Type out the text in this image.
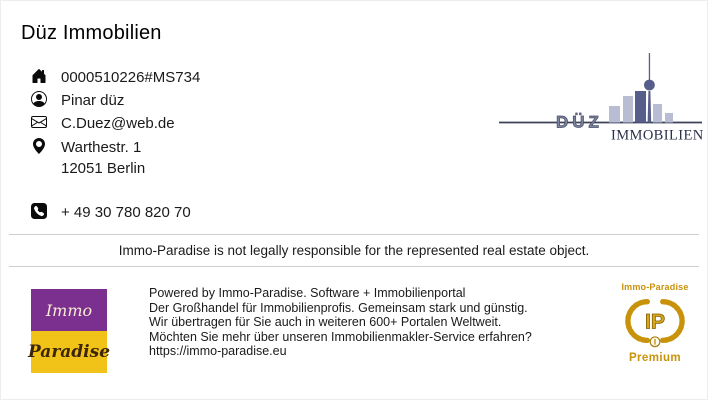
Düz Immobilien
0000510226#MS734
Pinar düz
C.Duez@web.de
Warthestr. 1
12051 Berlin
+ 49 30 780 820 70
DÜZ
IMMOBILIEN
Immo-Paradise is not legally responsible for the represented real estate object.
Immo
Paradise
Powered by Immo-Paradise. Software + Immobilienportal
Der Großhandel für Immobilienprofis. Gemeinsam stark und günstig.
Wir übertragen für Sie auch in weiteren 600+ Portalen Weltweit.
Möchten Sie mehr über unseren Immobilienmakler-Service erfahren?
https://immo-paradise.eu
Immo-Paradise
IP
Premium
